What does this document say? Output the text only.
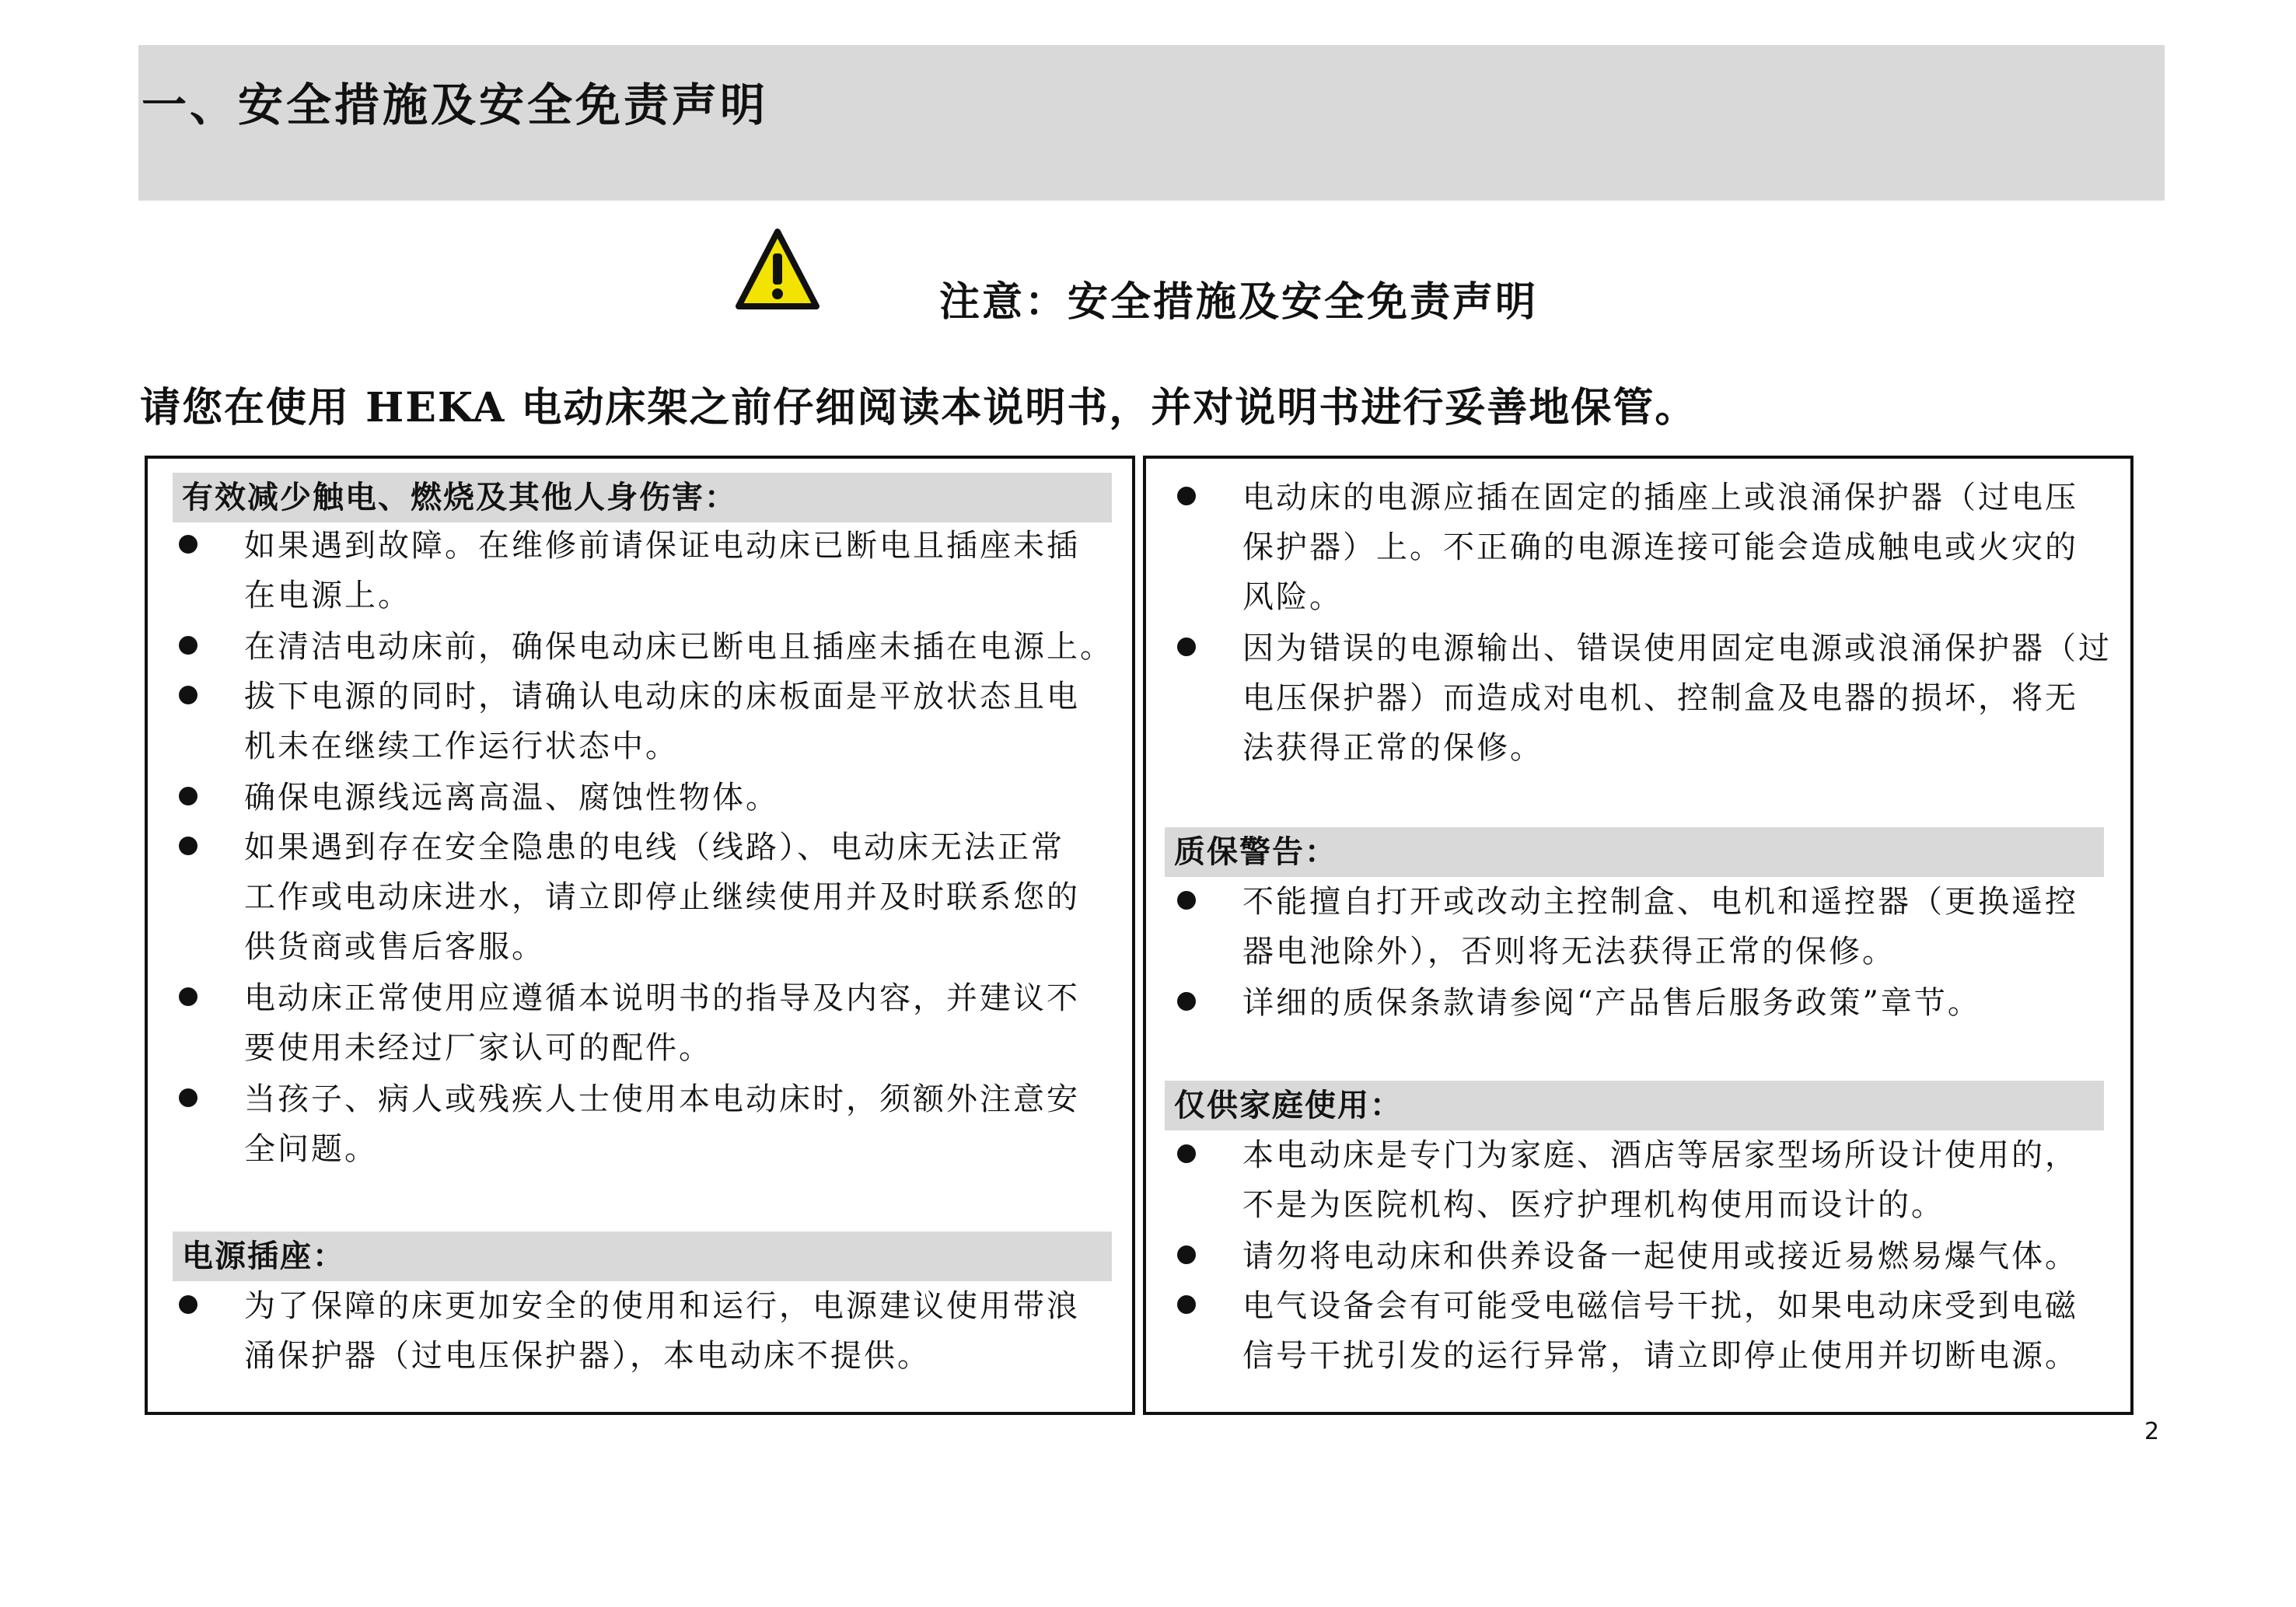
一、安全措施及安全免责声明
注意：安全措施及安全免责声明

请您在使用 HEKA 电动床架之前仔细阅读本说明书，并对说明书进行妥善地保管。

有效减少触电、燃烧及其他人身伤害：
如果遇到故障。在维修前请保证电动床已断电且插座未插
在电源上。
在清洁电动床前，确保电动床已断电且插座未插在电源上。
拔下电源的同时，请确认电动床的床板面是平放状态且电
机未在继续工作运行状态中。
确保电源线远离高温、腐蚀性物体。
如果遇到存在安全隐患的电线（线路）、电动床无法正常
工作或电动床进水，请立即停止继续使用并及时联系您的
供货商或售后客服。
电动床正常使用应遵循本说明书的指导及内容，并建议不
要使用未经过厂家认可的配件。
当孩子、病人或残疾人士使用本电动床时，须额外注意安
全问题。
电源插座：
为了保障的床更加安全的使用和运行，电源建议使用带浪
涌保护器（过电压保护器），本电动床不提供。
电动床的电源应插在固定的插座上或浪涌保护器（过电压
保护器）上。不正确的电源连接可能会造成触电或火灾的
风险。
因为错误的电源输出、错误使用固定电源或浪涌保护器（过
电压保护器）而造成对电机、控制盒及电器的损坏，将无
法获得正常的保修。
质保警告：
不能擅自打开或改动主控制盒、电机和遥控器（更换遥控
器电池除外），否则将无法获得正常的保修。
详细的质保条款请参阅“产品售后服务政策”章节。
仅供家庭使用：
本电动床是专门为家庭、酒店等居家型场所设计使用的，
不是为医院机构、医疗护理机构使用而设计的。
请勿将电动床和供养设备一起使用或接近易燃易爆气体。
电气设备会有可能受电磁信号干扰，如果电动床受到电磁
信号干扰引发的运行异常，请立即停止使用并切断电源。
2
